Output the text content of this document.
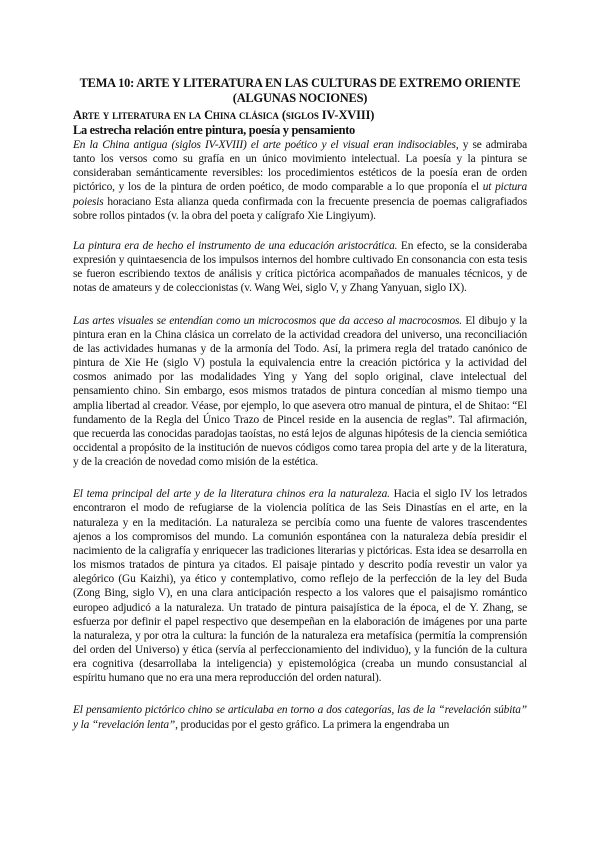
TEMA 10: ARTE Y LITERATURA EN LAS CULTURAS DE EXTREMO ORIENTE (ALGUNAS NOCIONES)
Arte y literatura en la China clásica (siglos IV-XVIII)
La estrecha relación entre pintura, poesía y pensamiento

En la China antigua (siglos IV-XVIII) el arte poético y el visual eran indisociables, y se admiraba tanto los versos como su grafía en un único movimiento intelectual. La poesía y la pintura se consideraban semánticamente reversibles: los procedimientos estéticos de la poesía eran de orden pictórico, y los de la pintura de orden poético, de modo comparable a lo que proponía el ut pictura poiesis horaciano Esta alianza queda confirmada con la frecuente presencia de poemas caligrafiados sobre rollos pintados (v. la obra del poeta y calígrafo Xie Lingiyum).

La pintura era de hecho el instrumento de una educación aristocrática. En efecto, se la consideraba expresión y quintaesencia de los impulsos internos del hombre cultivado En consonancia con esta tesis se fueron escribiendo textos de análisis y crítica pictórica acompañados de manuales técnicos, y de notas de amateurs y de coleccionistas (v. Wang Wei, siglo V, y Zhang Yanyuan, siglo IX).

Las artes visuales se entendían como un microcosmos que da acceso al macrocosmos. El dibujo y la pintura eran en la China clásica un correlato de la actividad creadora del universo, una reconciliación de las actividades humanas y de la armonía del Todo. Así, la primera regla del tratado canónico de pintura de Xie He (siglo V) postula la equivalencia entre la creación pictórica y la actividad del cosmos animado por las modalidades Ying y Yang del soplo original, clave intelectual del pensamiento chino. Sin embargo, esos mismos tratados de pintura concedían al mismo tiempo una amplia libertad al creador. Véase, por ejemplo, lo que asevera otro manual de pintura, el de Shitao: “El fundamento de la Regla del Único Trazo de Pincel reside en la ausencia de reglas”. Tal afirmación, que recuerda las conocidas paradojas taoístas, no está lejos de algunas hipótesis de la ciencia semiótica occidental a propósito de la institución de nuevos códigos como tarea propia del arte y de la literatura, y de la creación de novedad como misión de la estética.

El tema principal del arte y de la literatura chinos era la naturaleza. Hacia el siglo IV los letrados encontraron el modo de refugiarse de la violencia política de las Seis Dinastías en el arte, en la naturaleza y en la meditación. La naturaleza se percibía como una fuente de valores trascendentes ajenos a los compromisos del mundo. La comunión espontánea con la naturaleza debía presidir el nacimiento de la caligrafía y enriquecer las tradiciones literarias y pictóricas. Esta idea se desarrolla en los mismos tratados de pintura ya citados. El paisaje pintado y descrito podía revestir un valor ya alegórico (Gu Kaizhi), ya ético y contemplativo, como reflejo de la perfección de la ley del Buda (Zong Bing, siglo V), en una clara anticipación respecto a los valores que el paisajismo romántico europeo adjudicó a la naturaleza. Un tratado de pintura paisajística de la época, el de Y. Zhang, se esfuerza por definir el papel respectivo que desempeñan en la elaboración de imágenes por una parte la naturaleza, y por otra la cultura: la función de la naturaleza era metafísica (permitía la comprensión del orden del Universo) y ética (servía al perfeccionamiento del individuo), y la función de la cultura era cognitiva (desarrollaba la inteligencia) y epistemológica (creaba un mundo consustancial al espíritu humano que no era una mera reproducción del orden natural).

El pensamiento pictórico chino se articulaba en torno a dos categorías, las de la “revelación súbita” y la “revelación lenta”, producidas por el gesto gráfico. La primera la engendraba un
